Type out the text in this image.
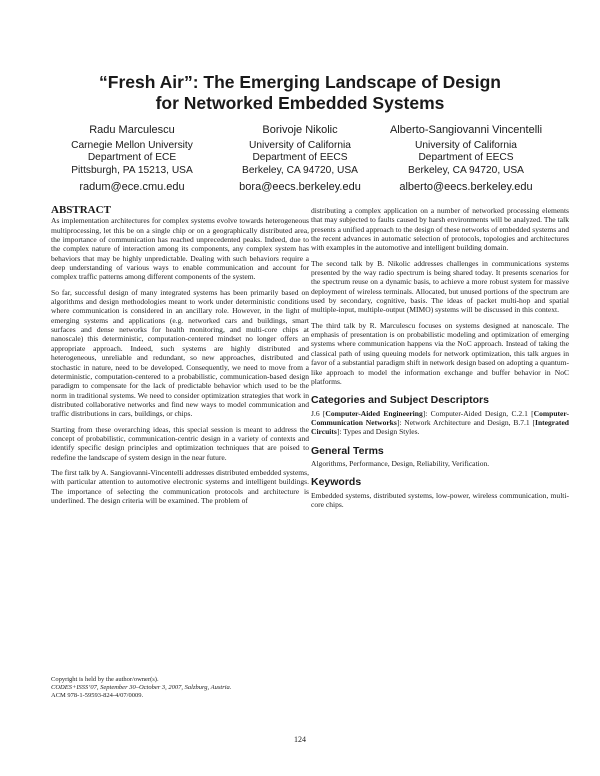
“Fresh Air”: The Emerging Landscape of Design
for Networked Embedded Systems
Radu Marculescu
Carnegie Mellon University
Department of ECE
Pittsburgh, PA 15213, USA
radum@ece.cmu.edu
Borivoje Nikolic
University of California
Department of EECS
Berkeley, CA 94720, USA
bora@eecs.berkeley.edu
Alberto-Sangiovanni Vincentelli
University of California
Department of EECS
Berkeley, CA 94720, USA
alberto@eecs.berkeley.edu
ABSTRACT

As implementation architectures for complex systems evolve towards heterogeneous multiprocessing, let this be on a single chip or on a geographically distributed area, the importance of communication has reached unprecedented peaks. Indeed, due to the complex nature of interaction among its components, any complex system has behaviors that may be highly unpredictable. Dealing with such behaviors require a deep understanding of various ways to enable communication and account for complex traffic patterns among different components of the system.

So far, successful design of many integrated systems has been primarily based on algorithms and design methodologies meant to work under deterministic conditions where communication is considered in an ancillary role. However, in the light of emerging systems and applications (e.g. networked cars and buildings, smart surfaces and dense networks for health monitoring, and multi-core chips at nanoscale) this deterministic, computation-centered mindset no longer offers an appropriate approach. Indeed, such systems are highly distributed and heterogeneous, unreliable and redundant, so new approaches, distributed and stochastic in nature, need to be developed. Consequently, we need to move from a deterministic, computation-centered to a probabilistic, communication-based design paradigm to compensate for the lack of predictable behavior which used to be the norm in traditional systems. We need to consider optimization strategies that work in distributed collaborative networks and find new ways to model communication and traffic distributions in cars, buildings, or chips.

Starting from these overarching ideas, this special session is meant to address the concept of probabilistic, communication-centric design in a variety of contexts and identify specific design principles and optimization techniques that are poised to redefine the landscape of system design in the near future.

The first talk by A. Sangiovanni-Vincentelli addresses distributed embedded systems, with particular attention to automotive electronic systems and intelligent buildings. The importance of selecting the communication protocols and architecture is underlined. The design criteria will be examined. The problem of

distributing a complex application on a number of networked processing elements that may subjected to faults caused by harsh environments will be analyzed. The talk presents a unified approach to the design of these networks of embedded systems and the recent advances in automatic selection of protocols, topologies and architectures with examples in the automotive and intelligent building domain.

The second talk by B. Nikolic addresses challenges in communications systems presented by the way radio spectrum is being shared today. It presents scenarios for the spectrum reuse on a dynamic basis, to achieve a more robust system for massive deployment of wireless terminals. Allocated, but unused portions of the spectrum are used by secondary, cognitive, basis. The ideas of packet multi-hop and spatial multiple-input, multiple-output (MIMO) systems will be discussed in this context.

The third talk by R. Marculescu focuses on systems designed at nanoscale. The emphasis of presentation is on probabilistic modeling and optimization of emerging systems where communication happens via the NoC approach. Instead of taking the classical path of using queuing models for network optimization, this talk argues in favor of a substantial paradigm shift in network design based on adopting a quantum-like approach to model the information exchange and buffer behavior in NoC platforms.

Categories and Subject Descriptors

J.6 [Computer-Aided Engineering]: Computer-Aided Design, C.2.1 [Computer-Communication Networks]: Network Architecture and Design, B.7.1 [Integrated Circuits]: Types and Design Styles.

General Terms

Algorithms, Performance, Design, Reliability, Verification.

Keywords

Embedded systems, distributed systems, low-power, wireless communication, multi-core chips.

Copyright is held by the author/owner(s).
CODES+ISSS’07, September 30–October 3, 2007, Salzburg, Austria.
ACM 978-1-59593-824-4/07/0009.
124
